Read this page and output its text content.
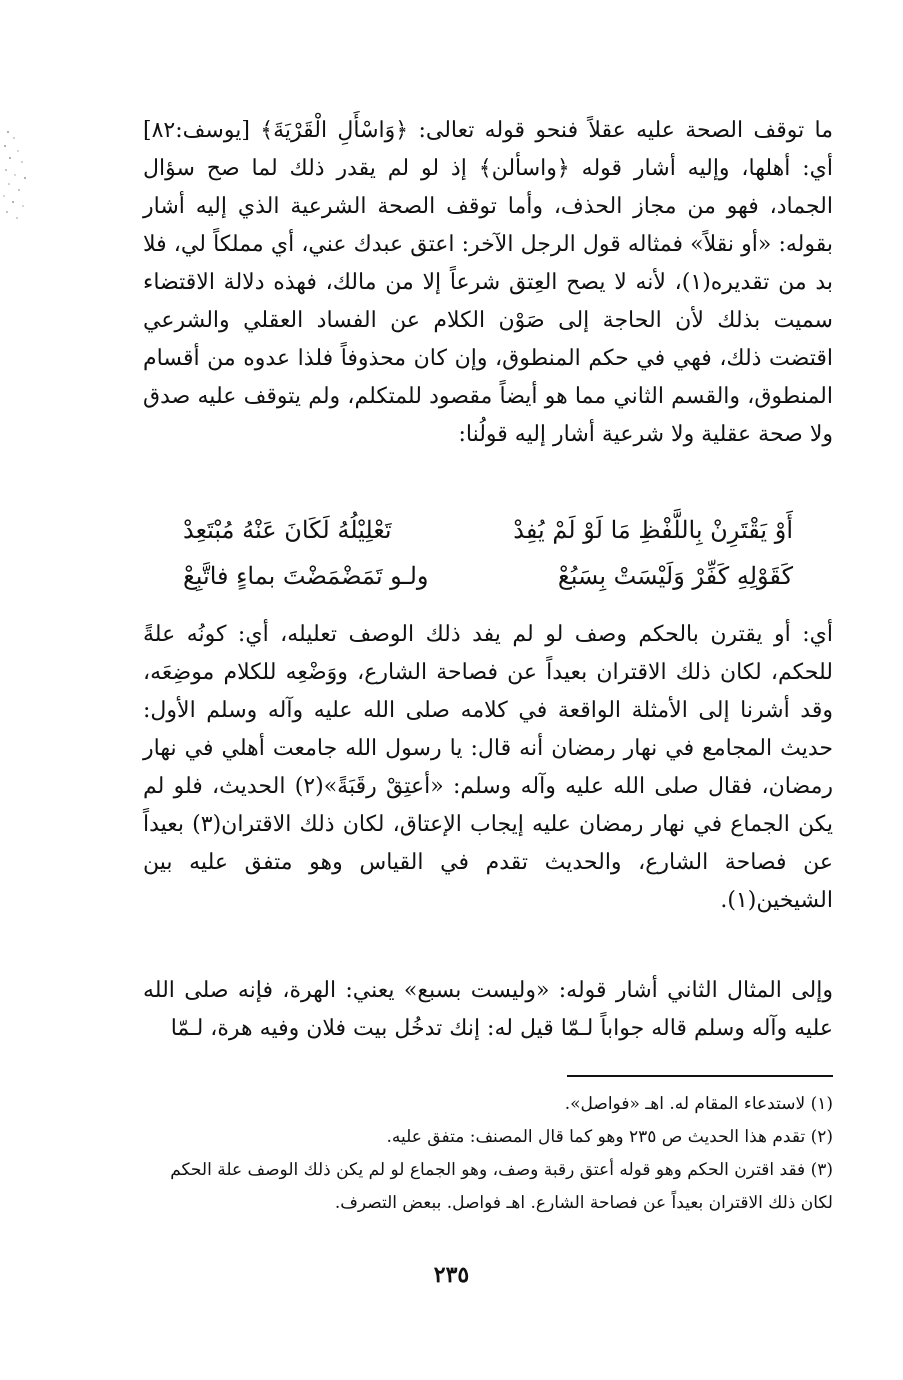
ما توقف الصحة عليه عقلاً فنحو قوله تعالى: ﴿وَاسْأَلِ الْقَرْيَةَ﴾ [يوسف:٨٢] أي: أهلها، وإليه أشار قوله ﴿واسألن﴾ إذ لو لم يقدر ذلك لما صح سؤال الجماد، فهو من مجاز الحذف، وأما توقف الصحة الشرعية الذي إليه أشار بقوله: «أو نقلاً» فمثاله قول الرجل الآخر: اعتق عبدك عني، أي مملكاً لي، فلا بد من تقديره(١)، لأنه لا يصح العِتق شرعاً إلا من مالك، فهذه دلالة الاقتضاء سميت بذلك لأن الحاجة إلى صَوْن الكلام عن الفساد العقلي والشرعي اقتضت ذلك، فهي في حكم المنطوق، وإن كان محذوفاً فلذا عدوه من أقسام المنطوق، والقسم الثاني مما هو أيضاً مقصود للمتكلم، ولم يتوقف عليه صدق ولا صحة عقلية ولا شرعية أشار إليه قولُنا:

أَوْ يَقْتَرِنْ بِاللَّفْظِ مَا لَوْ لَمْ يُفِدْ
تَعْلِيْلُهُ لَكَانَ عَنْهُ مُبْتَعِدْ
كَقَوْلِهِ كَفِّرْ وَلَيْسَتْ بِسَبُعْ
ولـو تَمَضْمَضْتَ بماءٍ فاتَّبِعْ

أي: أو يقترن بالحكم وصف لو لم يفد ذلك الوصف تعليله، أي: كونُه علةً للحكم، لكان ذلك الاقتران بعيداً عن فصاحة الشارع، ووَضْعِه للكلام موضِعَه، وقد أشرنا إلى الأمثلة الواقعة في كلامه صلى الله عليه وآله وسلم الأول: حديث المجامع في نهار رمضان أنه قال: يا رسول الله جامعت أهلي في نهار رمضان، فقال صلى الله عليه وآله وسلم: «أعتِقْ رقَبَةً»(٢) الحديث، فلو لم يكن الجماع في نهار رمضان عليه إيجاب الإعتاق، لكان ذلك الاقتران(٣) بعيداً عن فصاحة الشارع، والحديث تقدم في القياس وهو متفق عليه بين الشيخين(١).

وإلى المثال الثاني أشار قوله: «وليست بسبع» يعني: الهرة، فإنه صلى الله عليه وآله وسلم قاله جواباً لـمّا قيل له: إنك تدخُل بيت فلان وفيه هرة، لـمّا

(١) لاستدعاء المقام له. اهـ «فواصل».

(٢) تقدم هذا الحديث ص ٢٣٥ وهو كما قال المصنف: متفق عليه.

(٣) فقد اقترن الحكم وهو قوله أعتق رقبة وصف، وهو الجماع لو لم يكن ذلك الوصف علة الحكم لكان ذلك الاقتران بعيداً عن فصاحة الشارع. اهـ فواصل. ببعض التصرف.

٢٣٥
